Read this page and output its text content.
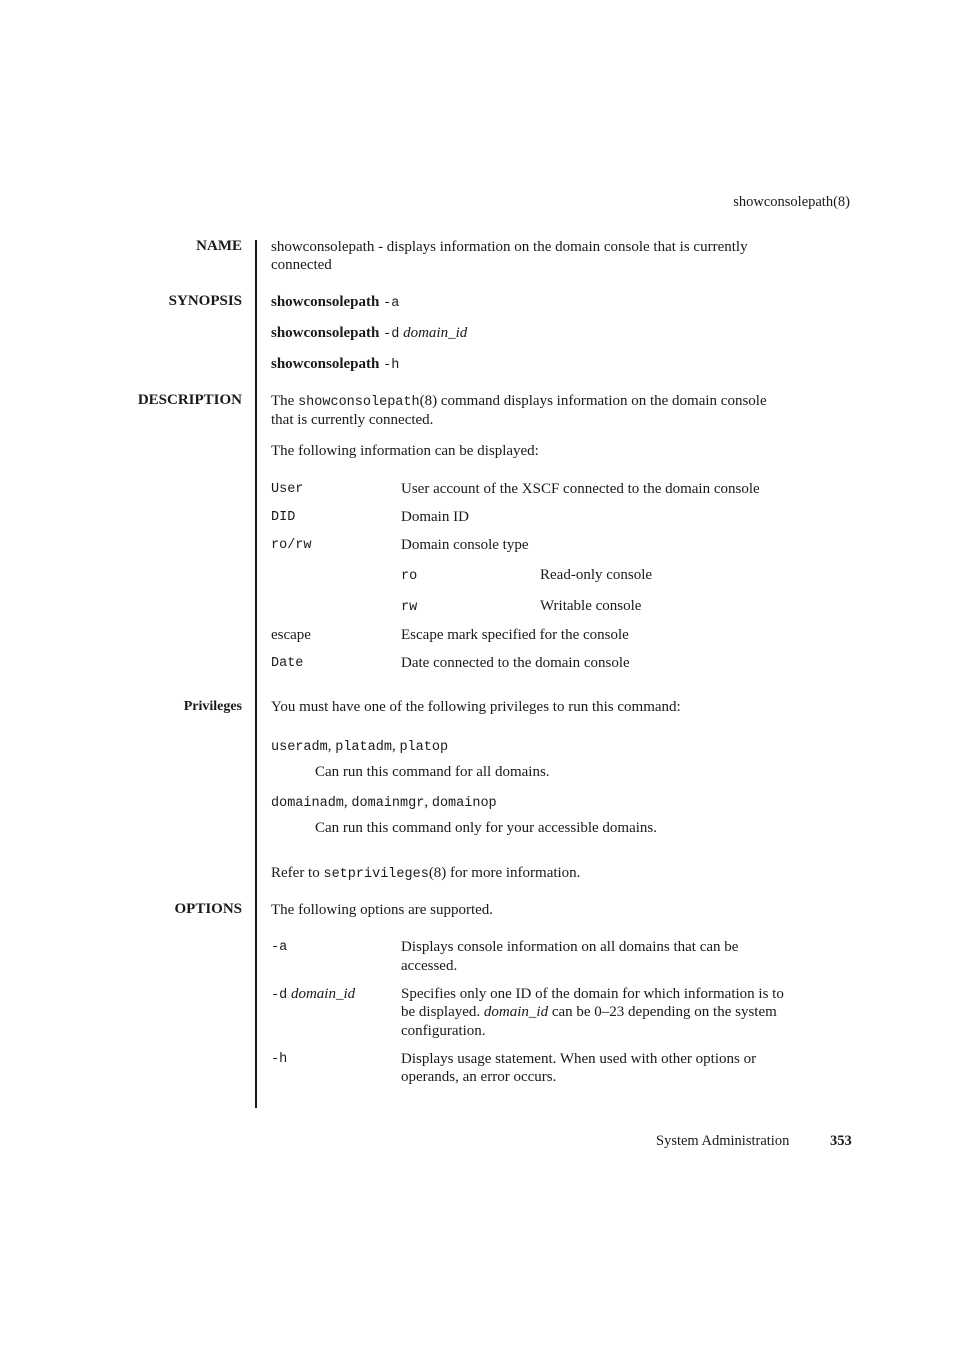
showconsolepath(8)
NAME showconsolepath - displays information on the domain console that is currently
connected
SYNOPSIS showconsolepath -a
showconsolepath -d domain_id
showconsolepath -h
DESCRIPTION The showconsolepath(8) command displays information on the domain console
that is currently connected.
The following information can be displayed:
User	User account of the XSCF connected to the domain console
DID	Domain ID
ro/rw	Domain console type
ro	Read-only console
rw	Writable console
escape	Escape mark specified for the console
Date	Date connected to the domain console
Privileges You must have one of the following privileges to run this command:
useradm, platadm, platop
Can run this command for all domains.
domainadm, domainmgr, domainop
Can run this command only for your accessible domains.
Refer to setprivileges(8) for more information.
OPTIONS The following options are supported.
-a	Displays console information on all domains that can be
accessed.
-d domain_id	Specifies only one ID of the domain for which information is to
be displayed. domain_id can be 0–23 depending on the system
configuration.
-h	Displays usage statement. When used with other options or
operands, an error occurs.
System Administration	353
